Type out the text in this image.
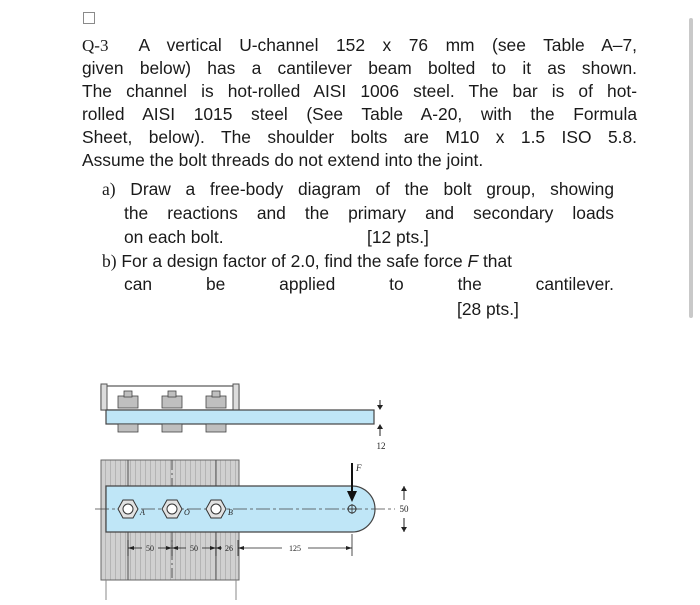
Q-3 A vertical U-channel 152 x 76 mm (see Table A–7,
given below) has a cantilever beam bolted to it as shown.
The channel is hot-rolled AISI 1006 steel. The bar is of hot-
rolled AISI 1015 steel (See Table A-20, with the Formula
Sheet, below). The shoulder bolts are M10 x 1.5 ISO 5.8.
Assume the bolt threads do not extend into the joint.
a) Draw a free-body diagram of the bolt group, showing
the reactions and the primary and secondary loads
on each bolt.	[12 pts.]
b) For a design factor of 2.0, find the safe force F that
can	be	applied	to	the	cantilever.
[28 pts.]
12
A	O	B
F
50
50	50	26	125
